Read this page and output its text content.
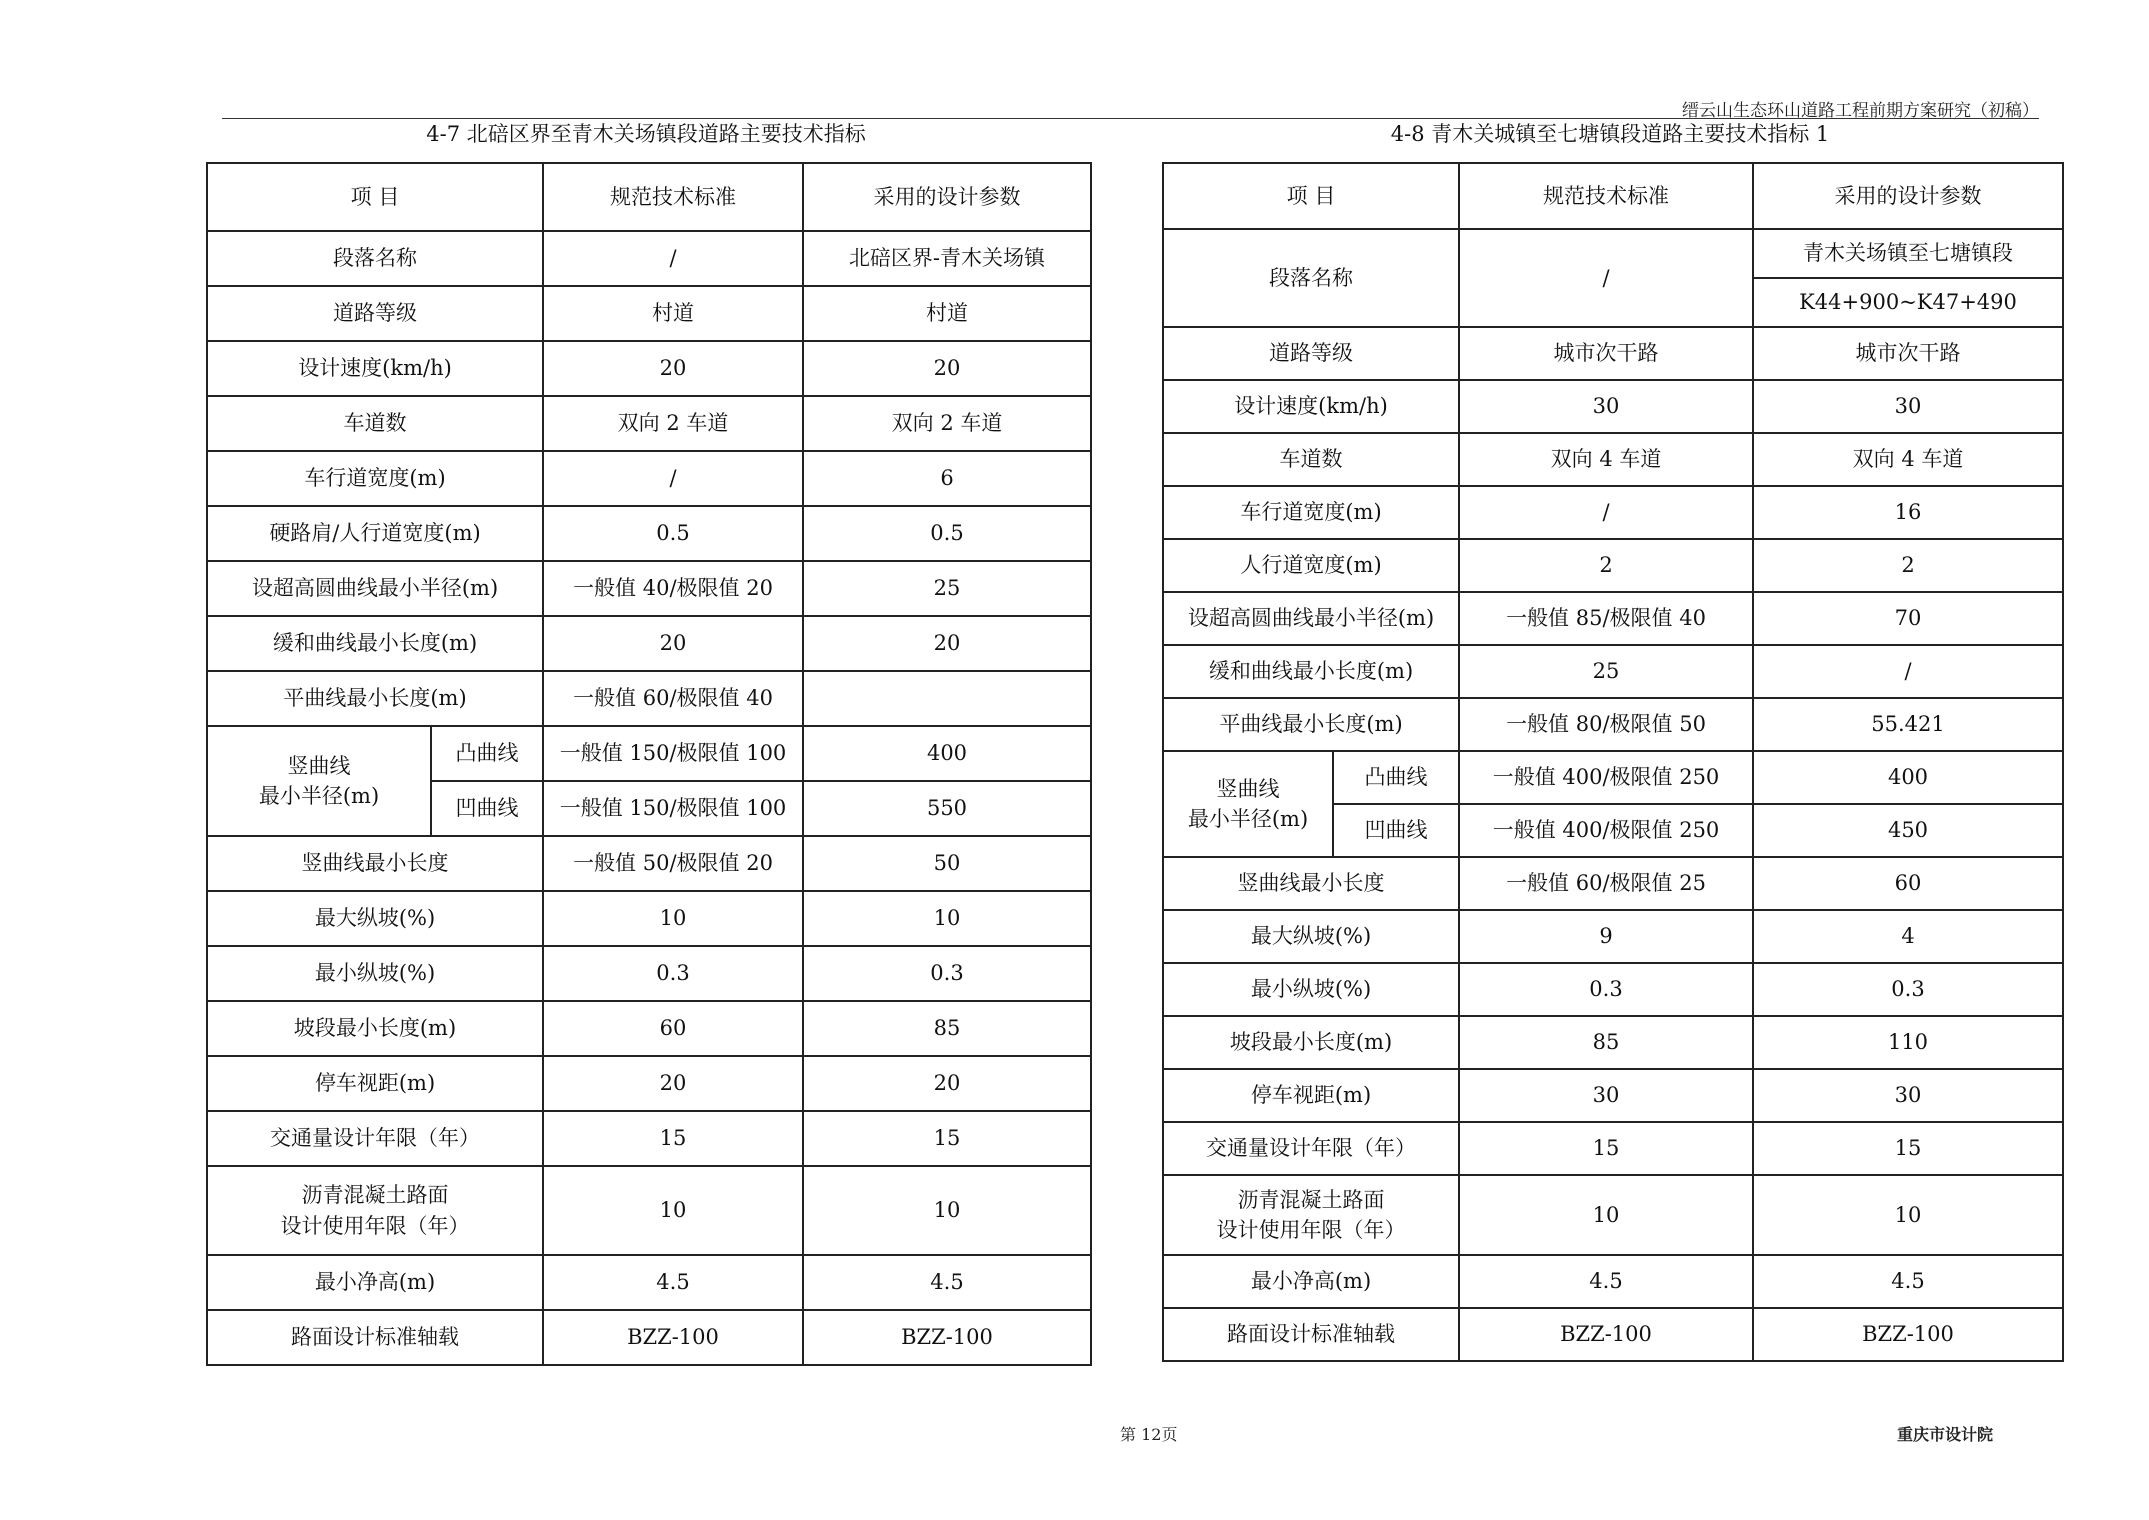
缙云山生态环山道路工程前期方案研究（初稿）
4-7 北碚区界至青木关场镇段道路主要技术指标	4-8 青木关城镇至七塘镇段道路主要技术指标 1
项 目		规范技术标准	采用的设计参数
段落名称		/	北碚区界-青木关场镇
道路等级		村道	村道
设计速度(km/h)		20	20
车道数		双向 2 车道	双向 2 车道
车行道宽度(m)		/	6
硬路肩/人行道宽度(m)		0.5	0.5
设超高圆曲线最小半径(m)		一般值 40/极限值 20	25
缓和曲线最小长度(m)		20	20
平曲线最小长度(m)		一般值 60/极限值 40	
竖曲线
最小半径(m)	凸曲线	一般值 150/极限值 100	400
	凹曲线	一般值 150/极限值 100	550
竖曲线最小长度		一般值 50/极限值 20	50
最大纵坡(%)		10	10
最小纵坡(%)		0.3	0.3
坡段最小长度(m)		60	85
停车视距(m)		20	20
交通量设计年限（年）		15	15
沥青混凝土路面
设计使用年限（年）		10	10
最小净高(m)		4.5	4.5
路面设计标准轴载		BZZ-100	BZZ-100
项 目		规范技术标准	采用的设计参数
段落名称		/	青木关场镇至七塘镇段
			K44+900~K47+490
道路等级		城市次干路	城市次干路
设计速度(km/h)		30	30
车道数		双向 4 车道	双向 4 车道
车行道宽度(m)		/	16
人行道宽度(m)		2	2
设超高圆曲线最小半径(m)		一般值 85/极限值 40	70
缓和曲线最小长度(m)		25	/
平曲线最小长度(m)		一般值 80/极限值 50	55.421
竖曲线
最小半径(m)	凸曲线	一般值 400/极限值 250	400
	凹曲线	一般值 400/极限值 250	450
竖曲线最小长度		一般值 60/极限值 25	60
最大纵坡(%)		9	4
最小纵坡(%)		0.3	0.3
坡段最小长度(m)		85	110
停车视距(m)		30	30
交通量设计年限（年）		15	15
沥青混凝土路面
设计使用年限（年）		10	10
最小净高(m)		4.5	4.5
路面设计标准轴载		BZZ-100	BZZ-100
第 12页	重庆市设计院
